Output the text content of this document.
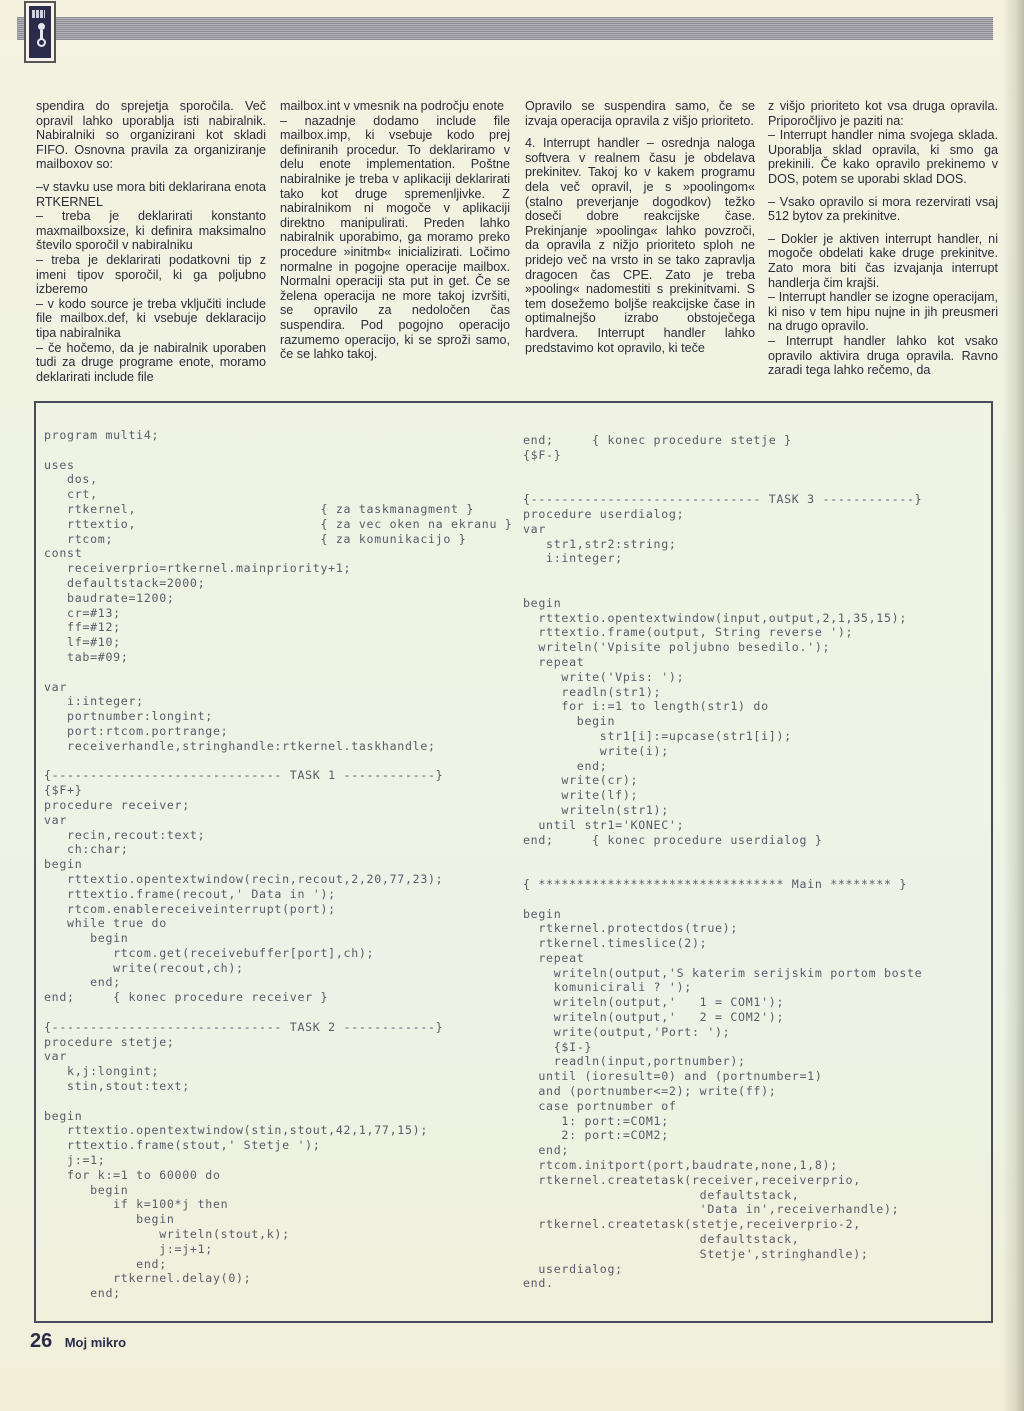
spendira do sprejetja sporočila. Več opravil lahko uporablja isti nabiralnik. Nabiralniki so organizirani kot skladi FIFO. Osnovna pravila za organiziranje mailboxov so:

–v stavku use mora biti deklarirana enota RTKERNEL

– treba je deklarirati konstanto maxmailboxsize, ki definira maksimalno število sporočil v nabiralniku

– treba je deklarirati podatkovni tip z imeni tipov sporočil, ki ga poljubno izberemo

– v kodo source je treba vključiti include file mailbox.def, ki vsebuje deklaracijo tipa nabiralnika

– če hočemo, da je nabiralnik uporaben tudi za druge programe enote, moramo deklarirati include file

mailbox.int v vmesnik na področju enote

– nazadnje dodamo include file mailbox.imp, ki vsebuje kodo prej definiranih procedur. To deklariramo v delu enote implementation. Poštne nabiralnike je treba v aplikaciji deklarirati tako kot druge spremenljivke. Z nabiralnikom ni mogoče v aplikaciji direktno manipulirati. Preden lahko nabiralnik uporabimo, ga moramo preko procedure »initmb« inicializirati. Ločimo normalne in pogojne operacije mailbox. Normalni operaciji sta put in get. Če se želena operacija ne more takoj izvršiti, se opravilo za nedoločen čas suspendira. Pod pogojno operacijo razumemo operacijo, ki se sproži samo, če se lahko takoj.

Opravilo se suspendira samo, če se izvaja operacija opravila z višjo prioriteto.

4. Interrupt handler – osrednja naloga softvera v realnem času je obdelava prekinitev. Takoj ko v kakem programu dela več opravil, je s »poolingom« (stalno preverjanje dogodkov) težko doseči dobre reakcijske čase. Prekinjanje »poolinga« lahko povzroči, da opravila z nižjo prioriteto sploh ne pridejo več na vrsto in se tako zapravlja dragocen čas CPE. Zato je treba »pooling« nadomestiti s prekinitvami. S tem dosežemo boljše reakcijske čase in optimalnejšo izrabo obstoječega hardvera. Interrupt handler lahko predstavimo kot opravilo, ki teče

z višjo prioriteto kot vsa druga opravila. Priporočljivo je paziti na:

– Interrupt handler nima svojega sklada. Uporablja sklad opravila, ki smo ga prekinili. Če kako opravilo prekinemo v DOS, potem se uporabi sklad DOS.

– Vsako opravilo si mora rezervirati vsaj 512 bytov za prekinitve.

– Dokler je aktiven interrupt handler, ni mogoče obdelati kake druge prekinitve. Zato mora biti čas izvajanja interrupt handlerja čim krajši.

– Interrupt handler se izogne operacijam, ki niso v tem hipu nujne in jih preusmeri na drugo opravilo.

– Interrupt handler lahko kot vsako opravilo aktivira druga opravila. Ravno zaradi tega lahko rečemo, da

program multi4;
uses
dos,
crt,
rtkernel,                        { za taskmanagment }
rttextio,                        { za vec oken na ekranu }
rtcom;                           { za komunikacijo }
const
receiverprio=rtkernel.mainpriority+1;
defaultstack=2000;
baudrate=1200;
cr=#13;
ff=#12;
lf=#10;
tab=#09;
var
i:integer;
portnumber:longint;
port:rtcom.portrange;
receiverhandle,stringhandle:rtkernel.taskhandle;
{------------------------------ TASK 1 ------------}
{$F+}
procedure receiver;
var
recin,recout:text;
ch:char;
begin
rttextio.opentextwindow(recin,recout,2,20,77,23);
rttextio.frame(recout,' Data in ');
rtcom.enablereceiveinterrupt(port);
while true do
begin
rtcom.get(receivebuffer[port],ch);
write(recout,ch);
end;
end;     { konec procedure receiver }
{------------------------------ TASK 2 ------------}
procedure stetje;
var
k,j:longint;
stin,stout:text;
begin
rttextio.opentextwindow(stin,stout,42,1,77,15);
rttextio.frame(stout,' Stetje ');
j:=1;
for k:=1 to 60000 do
begin
if k=100*j then
begin
writeln(stout,k);
j:=j+1;
end;
rtkernel.delay(0);
end;
end;     { konec procedure stetje }
{$F-}
{------------------------------ TASK 3 ------------}
procedure userdialog;
var
str1,str2:string;
i:integer;
begin
rttextio.opentextwindow(input,output,2,1,35,15);
rttextio.frame(output, String reverse ');
writeln('Vpisite poljubno besedilo.');
repeat
write('Vpis: ');
readln(str1);
for i:=1 to length(str1) do
begin
str1[i]:=upcase(str1[i]);
write(i);
end;
write(cr);
write(lf);
writeln(str1);
until str1='KONEC';
end;     { konec procedure userdialog }
{ ******************************** Main ******** }
begin
rtkernel.protectdos(true);
rtkernel.timeslice(2);
repeat
writeln(output,'S katerim serijskim portom boste
komunicirali ? ');
writeln(output,'   1 = COM1');
writeln(output,'   2 = COM2');
write(output,'Port: ');
{$I-}
readln(input,portnumber);
until (ioresult=0) and (portnumber=1)
and (portnumber<=2); write(ff);
case portnumber of
1: port:=COM1;
2: port:=COM2;
end;
rtcom.initport(port,baudrate,none,1,8);
rtkernel.createtask(receiver,receiverprio,
defaultstack,
'Data in',receiverhandle);
rtkernel.createtask(stetje,receiverprio-2,
defaultstack,
Stetje',stringhandle);
userdialog;
end.
26 Moj mikro
